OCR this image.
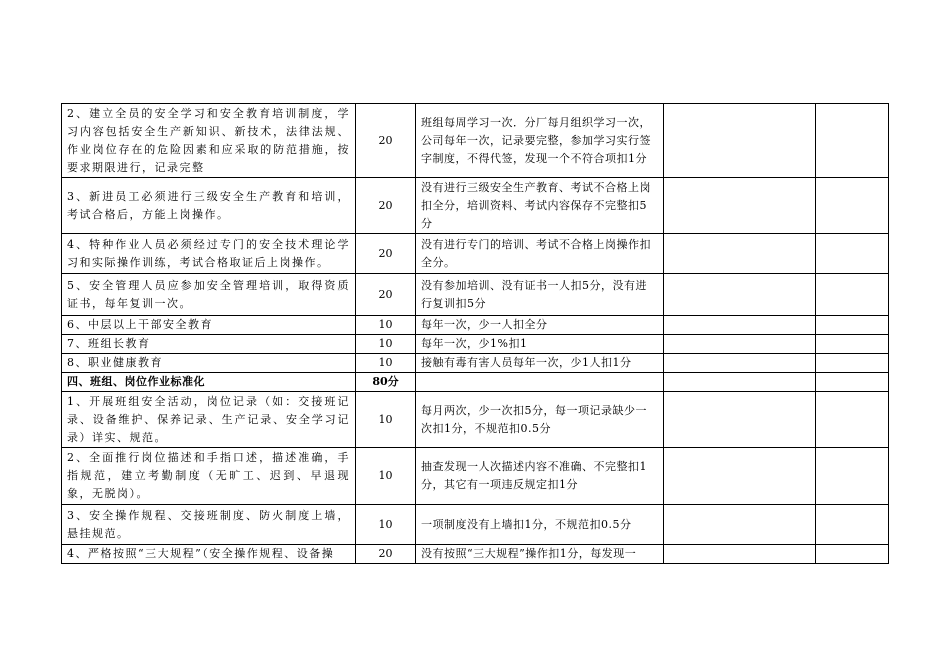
2、建立全员的安全学习和安全教育培训制度，学习内容包括安全生产新知识、新技术，法律法规、作业岗位存在的危险因素和应采取的防范措施，按要求期限进行，记录完整	20	班组每周学习一次．分厂每月组织学习一次，公司每年一次，记录要完整，参加学习实行签字制度，不得代签，发现一个不符合项扣1分		
3、新进员工必须进行三级安全生产教育和培训，考试合格后，方能上岗操作。	20	没有进行三级安全生产教育、考试不合格上岗扣全分，培训资料、考试内容保存不完整扣5分		
4、特种作业人员必须经过专门的安全技术理论学习和实际操作训练，考试合格取证后上岗操作。	20	没有进行专门的培训、考试不合格上岗操作扣全分。		
5、安全管理人员应参加安全管理培训，取得资质证书，每年复训一次。	20	没有参加培训、没有证书一人扣5分，没有进行复训扣5分		
6、中层以上干部安全教育	10	每年一次，少一人扣全分		
7、班组长教育	10	每年一次，少1%扣1		
8、职业健康教育	10	接触有毒有害人员每年一次，少1人扣1分		
四、班组、岗位作业标准化	80分			
1、开展班组安全活动，岗位记录（如：交接班记录、设备维护、保养记录、生产记录、安全学习记录）详实、规范。	10	每月两次，少一次扣5分，每一项记录缺少一次扣1分，不规范扣0.5分		
2、全面推行岗位描述和手指口述，描述准确，手指规范，建立考勤制度（无旷工、迟到、早退现象，无脱岗）。	10	抽查发现一人次描述内容不准确、不完整扣1分，其它有一项违反规定扣1分		
3、安全操作规程、交接班制度、防火制度上墙，悬挂规范。	10	一项制度没有上墙扣1分，不规范扣0.5分		

4、严格按照“三大规程”（安全操作规程、设备操	20	没有按照“三大规程”操作扣1分，每发现一		
